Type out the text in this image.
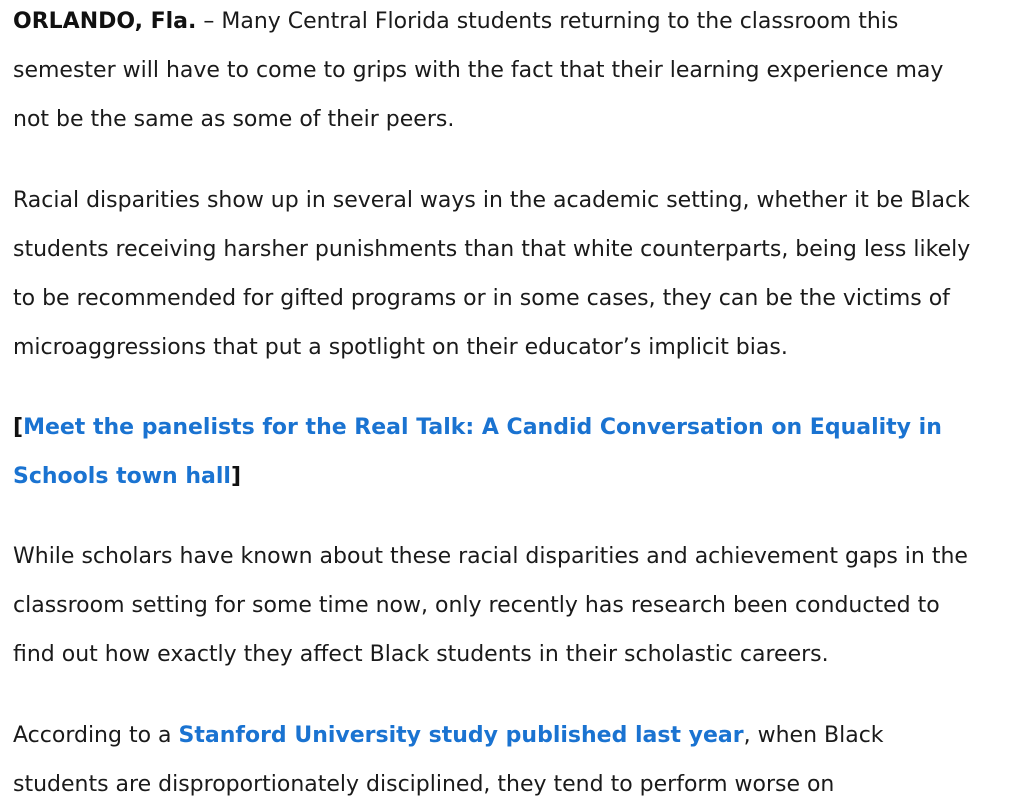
ORLANDO, Fla. – Many Central Florida students returning to the classroom this
semester will have to come to grips with the fact that their learning experience may
not be the same as some of their peers.

Racial disparities show up in several ways in the academic setting, whether it be Black
students receiving harsher punishments than that white counterparts, being less likely
to be recommended for gifted programs or in some cases, they can be the victims of
microaggressions that put a spotlight on their educator’s implicit bias.

[Meet the panelists for the Real Talk: A Candid Conversation on Equality in
Schools town hall]

While scholars have known about these racial disparities and achievement gaps in the
classroom setting for some time now, only recently has research been conducted to
find out how exactly they affect Black students in their scholastic careers.

According to a Stanford University study published last year, when Black
students are disproportionately disciplined, they tend to perform worse on
